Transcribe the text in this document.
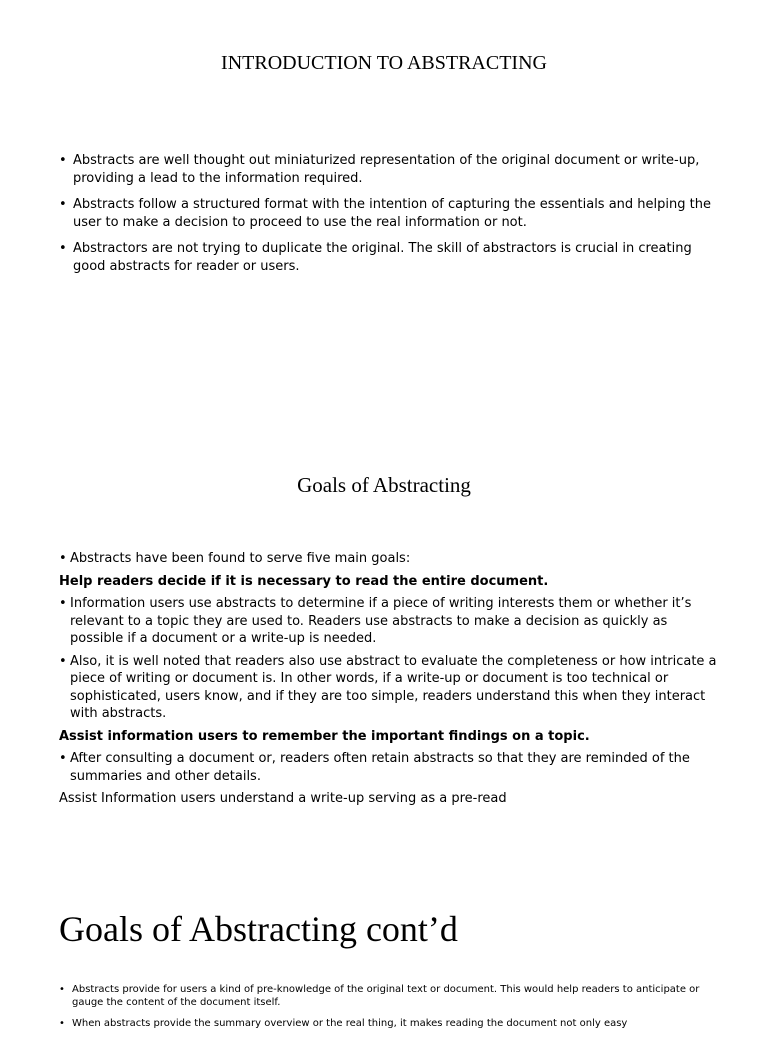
INTRODUCTION TO ABSTRACTING
• Abstracts are well thought out miniaturized representation of the original document or write-up, providing a lead to the information required.
• Abstracts follow a structured format with the intention of capturing the essentials and helping the user to make a decision to proceed to use the real information or not.
• Abstractors are not trying to duplicate the original. The skill of abstractors is crucial in creating good abstracts for reader or users.
Goals of Abstracting
• Abstracts have been found to serve five main goals:

Help readers decide if it is necessary to read the entire document.

• Information users use abstracts to determine if a piece of writing interests them or whether it’s relevant to a topic they are used to. Readers use abstracts to make a decision as quickly as possible if a document or a write-up is needed.
• Also, it is well noted that readers also use abstract to evaluate the completeness or how intricate a piece of writing or document is. In other words, if a write-up or document is too technical or sophisticated, users know, and if they are too simple, readers understand this when they interact with abstracts.

Assist information users to remember the important findings on a topic.

• After consulting a document or, readers often retain abstracts so that they are reminded of the summaries and other details.

Assist Information users understand a write-up serving as a pre-read

Goals of Abstracting cont’d
• Abstracts provide for users a kind of pre-knowledge of the original text or document. This would help readers to anticipate or gauge the content of the document itself.
• When abstracts provide the summary overview or the real thing, it makes reading the document not only easy
